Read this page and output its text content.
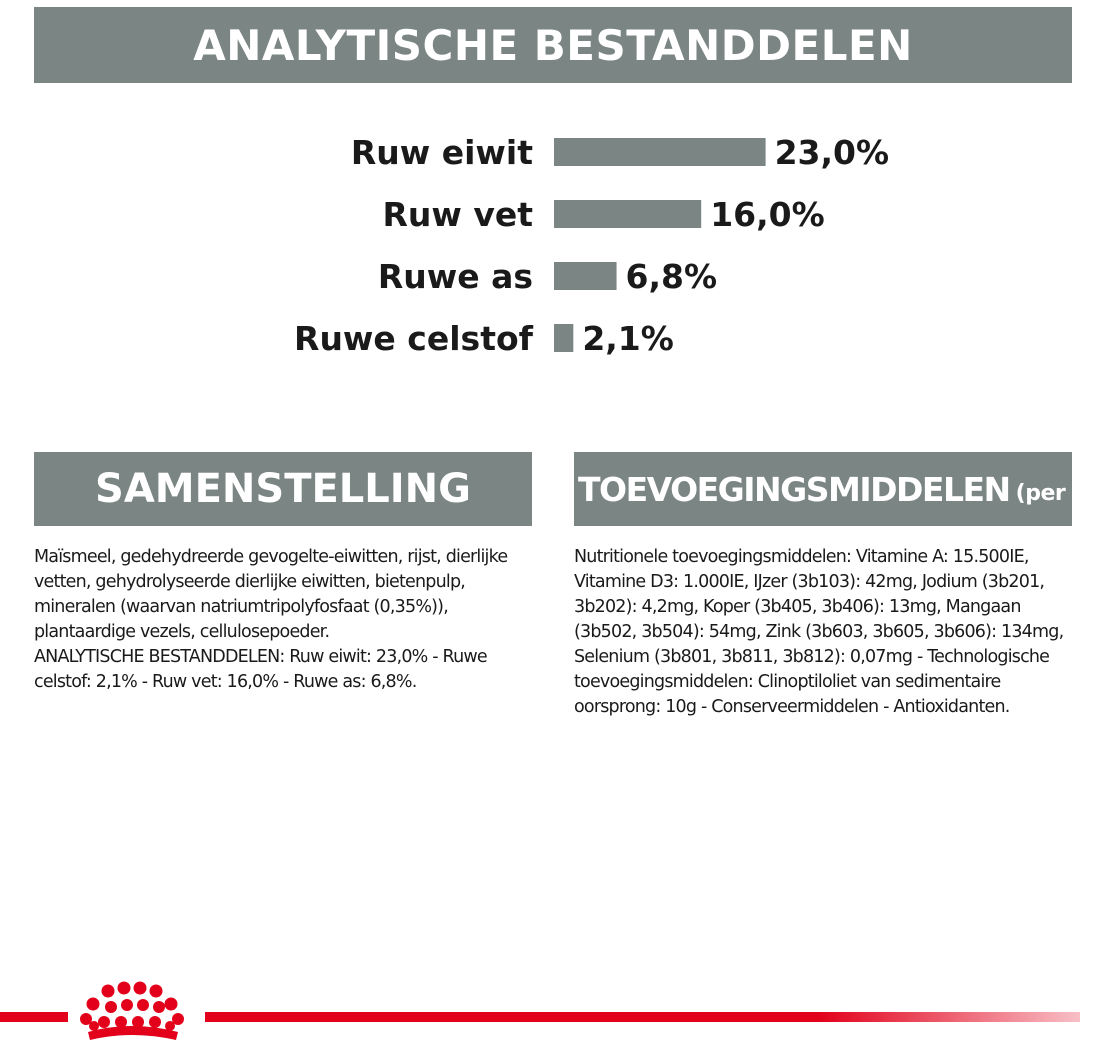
ANALYTISCHE BESTANDDELEN
Ruw eiwit	23,0%
Ruw vet	16,0%
Ruwe as	6,8%
Ruwe celstof 2,1%
SAMENSTELLING

Maïsmeel, gedehydreerde gevogelte-eiwitten, rijst, dierlijke
vetten, gehydrolyseerde dierlijke eiwitten, bietenpulp,
mineralen (waarvan natriumtripolyfosfaat (0,35%)),
plantaardige vezels, cellulosepoeder.
ANALYTISCHE BESTANDDELEN: Ruw eiwit: 23,0% - Ruwe
celstof: 2,1% - Ruw vet: 16,0% - Ruwe as: 6,8%.

TOEVOEGINGSMIDDELEN (per kg)

Nutritionele toevoegingsmiddelen: Vitamine A: 15.500IE,
Vitamine D3: 1.000IE, IJzer (3b103): 42mg, Jodium (3b201,
3b202): 4,2mg, Koper (3b405, 3b406): 13mg, Mangaan
(3b502, 3b504): 54mg, Zink (3b603, 3b605, 3b606): 134mg,
Selenium (3b801, 3b811, 3b812): 0,07mg - Technologische
toevoegingsmiddelen: Clinoptiloliet van sedimentaire
oorsprong: 10g - Conserveermiddelen - Antioxidanten.
